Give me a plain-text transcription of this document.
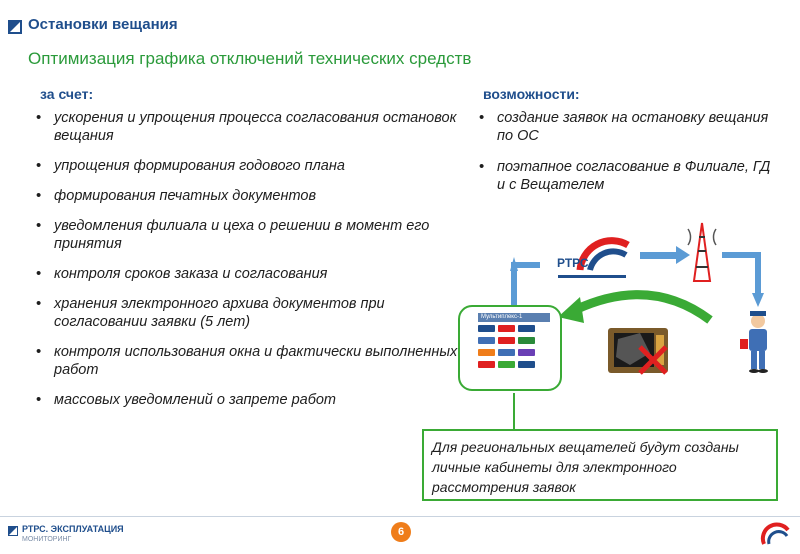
Остановки вещания
Оптимизация графика отключений технических средств
за счет:
• ускорения и упрощения процесса согласования остановок вещания
• упрощения формирования годового плана
• формирования печатных документов
• уведомления филиала и цеха о решении в момент его принятия
• контроля сроков заказа и согласования
• хранения электронного архива документов при согласовании заявки (5 лет)
• контроля использования окна и фактически выполненных работ
• массовых уведомлений о запрете работ
возможности:
• создание заявок на остановку вещания по ОС
• поэтапное согласование в Филиале, ГД и с Вещателем
РТРС
Мультиплекс-1
Для региональных вещателей будут созданы личные кабинеты для электронного рассмотрения заявок
РТРС. ЭКСПЛУАТАЦИЯ
МОНИТОРИНГ
6
